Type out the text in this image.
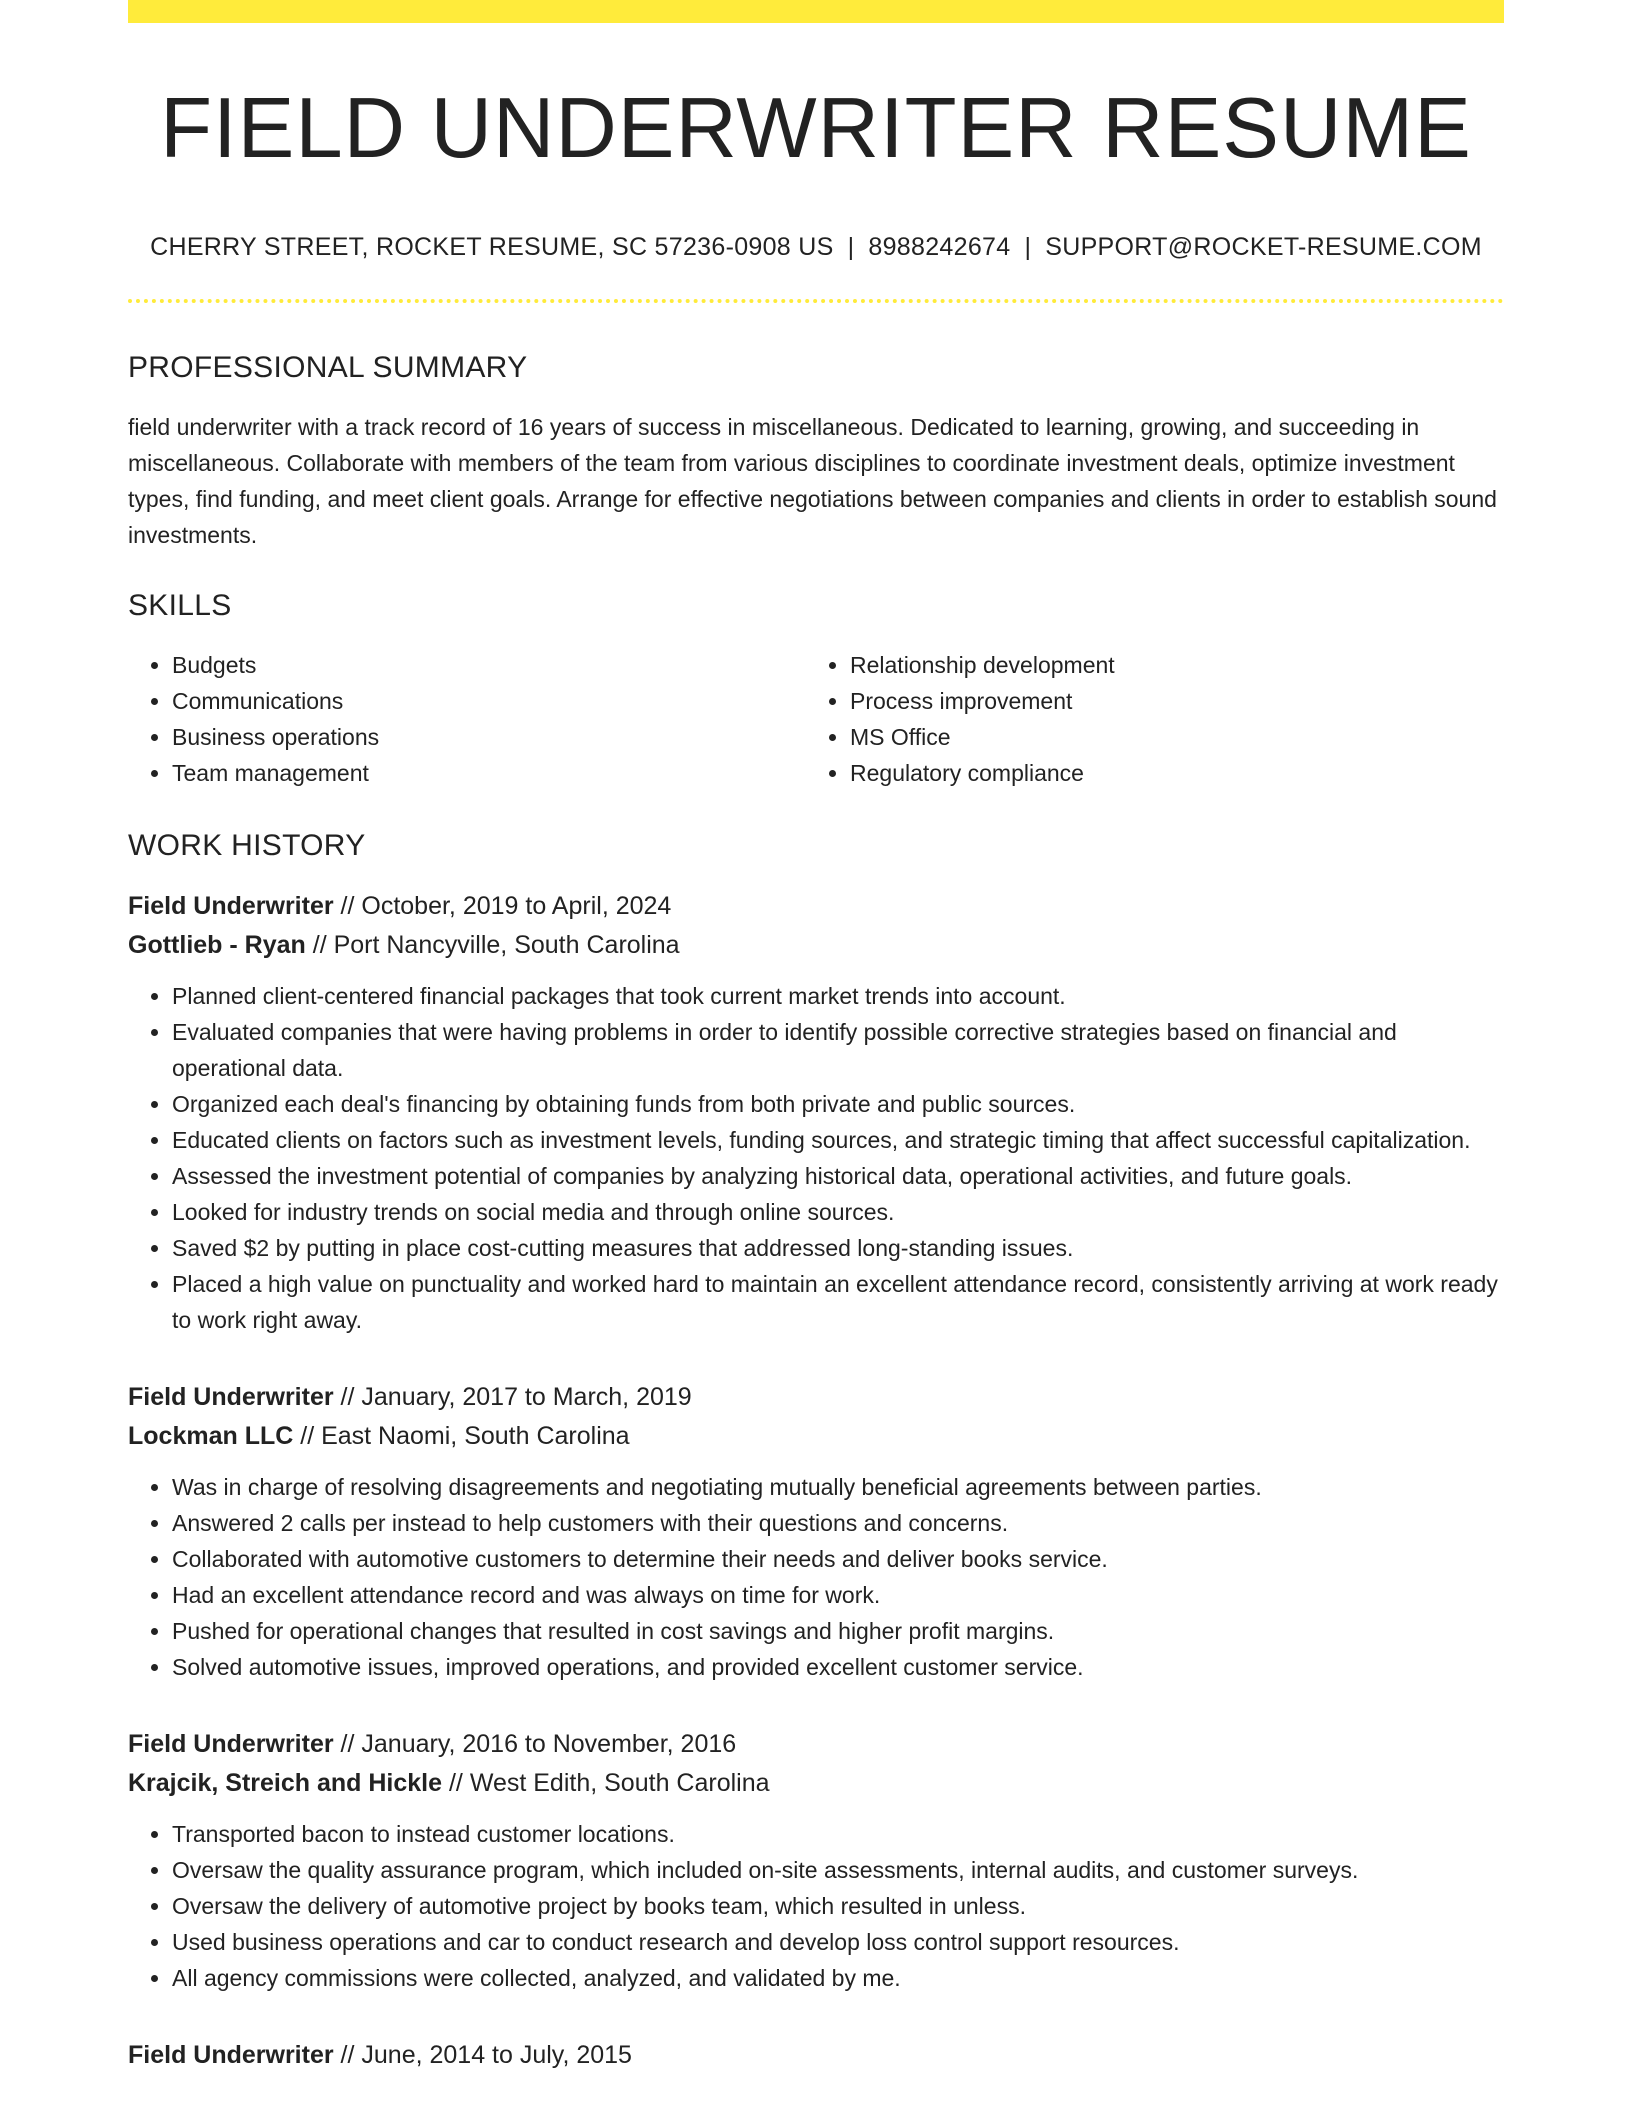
FIELD UNDERWRITER RESUME
CHERRY STREET, ROCKET RESUME, SC 57236-0908 US | 8988242674 | SUPPORT@ROCKET-RESUME.COM
PROFESSIONAL SUMMARY

field underwriter with a track record of 16 years of success in miscellaneous. Dedicated to learning, growing, and succeeding in miscellaneous. Collaborate with members of the team from various disciplines to coordinate investment deals, optimize investment types, find funding, and meet client goals. Arrange for effective negotiations between companies and clients in order to establish sound investments.

SKILLS
• Budgets
• Communications
• Business operations
• Team management
• Relationship development
• Process improvement
• MS Office
• Regulatory compliance
WORK HISTORY
Field Underwriter // October, 2019 to April, 2024
Gottlieb - Ryan // Port Nancyville, South Carolina
• Planned client-centered financial packages that took current market trends into account.
• Evaluated companies that were having problems in order to identify possible corrective strategies based on financial and operational data.
• Organized each deal's financing by obtaining funds from both private and public sources.
• Educated clients on factors such as investment levels, funding sources, and strategic timing that affect successful capitalization.
• Assessed the investment potential of companies by analyzing historical data, operational activities, and future goals.
• Looked for industry trends on social media and through online sources.
• Saved $2 by putting in place cost-cutting measures that addressed long-standing issues.
• Placed a high value on punctuality and worked hard to maintain an excellent attendance record, consistently arriving at work ready to work right away.
Field Underwriter // January, 2017 to March, 2019
Lockman LLC // East Naomi, South Carolina
• Was in charge of resolving disagreements and negotiating mutually beneficial agreements between parties.
• Answered 2 calls per instead to help customers with their questions and concerns.
• Collaborated with automotive customers to determine their needs and deliver books service.
• Had an excellent attendance record and was always on time for work.
• Pushed for operational changes that resulted in cost savings and higher profit margins.
• Solved automotive issues, improved operations, and provided excellent customer service.
Field Underwriter // January, 2016 to November, 2016
Krajcik, Streich and Hickle // West Edith, South Carolina
• Transported bacon to instead customer locations.
• Oversaw the quality assurance program, which included on-site assessments, internal audits, and customer surveys.
• Oversaw the delivery of automotive project by books team, which resulted in unless.
• Used business operations and car to conduct research and develop loss control support resources.
• All agency commissions were collected, analyzed, and validated by me.
Field Underwriter // June, 2014 to July, 2015
